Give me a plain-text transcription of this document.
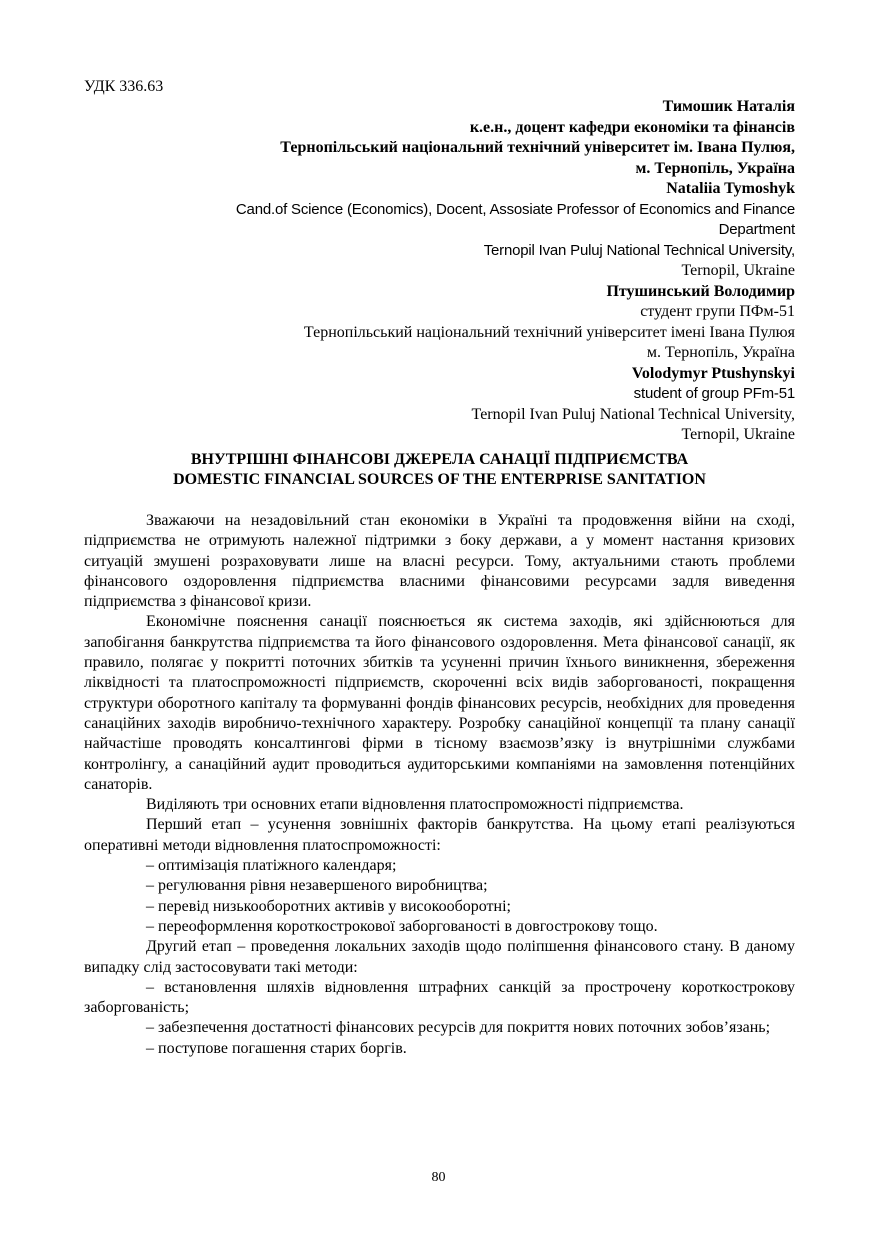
УДК 336.63
Тимошик Наталія
к.е.н., доцент кафедри економіки та фінансів
Тернопільський національний технічний університет ім. Івана Пулюя,
м. Тернопіль, Україна
Nataliia Tymoshyk
Cand.of Science (Economics), Docent, Assosiate Professor of Economics and Finance
Department
Ternopil Ivan Puluj National Technical University,
Ternopil, Ukraine
Птушинський Володимир
студент групи ПФм-51
Тернопільський національний технічний університет імені Івана Пулюя
м. Тернопіль, Україна
Volodymyr Ptushynskyi
student of group PFm-51
Ternopil Ivan Puluj National Technical University,
Ternopil, Ukraine
ВНУТРІШНІ ФІНАНСОВІ ДЖЕРЕЛА САНАЦІЇ ПІДПРИЄМСТВА
DOMESTIC FINANCIAL SOURCES OF THE ENTERPRISE SANITATION

Зважаючи на незадовільний стан економіки в Україні та продовження війни на сході, підприємства не отримують належної підтримки з боку держави, а у момент настання кризових ситуацій змушені розраховувати лише на власні ресурси. Тому, актуальними стають проблеми фінансового оздоровлення підприємства власними фінансовими ресурсами задля виведення підприємства з фінансової кризи.

Економічне пояснення санації пояснюється як система заходів, які здійснюються для запобігання банкрутства підприємства та його фінансового оздоровлення. Мета фінансової санації, як правило, полягає у покритті поточних збитків та усуненні причин їхнього виникнення, збереження ліквідності та платоспроможності підприємств, скороченні всіх видів заборгованості, покращення структури оборотного капіталу та формуванні фондів фінансових ресурсів, необхідних для проведення санаційних заходів виробничо-технічного характеру. Розробку санаційної концепції та плану санації найчастіше проводять консалтингові фірми в тісному взаємозв’язку із внутрішніми службами контролінгу, а санаційний аудит проводиться аудиторськими компаніями на замовлення потенційних санаторів.

Виділяють три основних етапи відновлення платоспроможності підприємства.

Перший етап – усунення зовнішніх факторів банкрутства. На цьому етапі реалізуються оперативні методи відновлення платоспроможності:

– оптимізація платіжного календаря;

– регулювання рівня незавершеного виробництва;

– перевід низькооборотних активів у високооборотні;

– переоформлення короткострокової заборгованості в довгострокову тощо.

Другий етап – проведення локальних заходів щодо поліпшення фінансового стану. В даному випадку слід застосовувати такі методи:

– встановлення шляхів відновлення штрафних санкцій за прострочену короткострокову заборгованість;

– забезпечення достатності фінансових ресурсів для покриття нових поточних зобов’язань;

– поступове погашення старих боргів.

80
